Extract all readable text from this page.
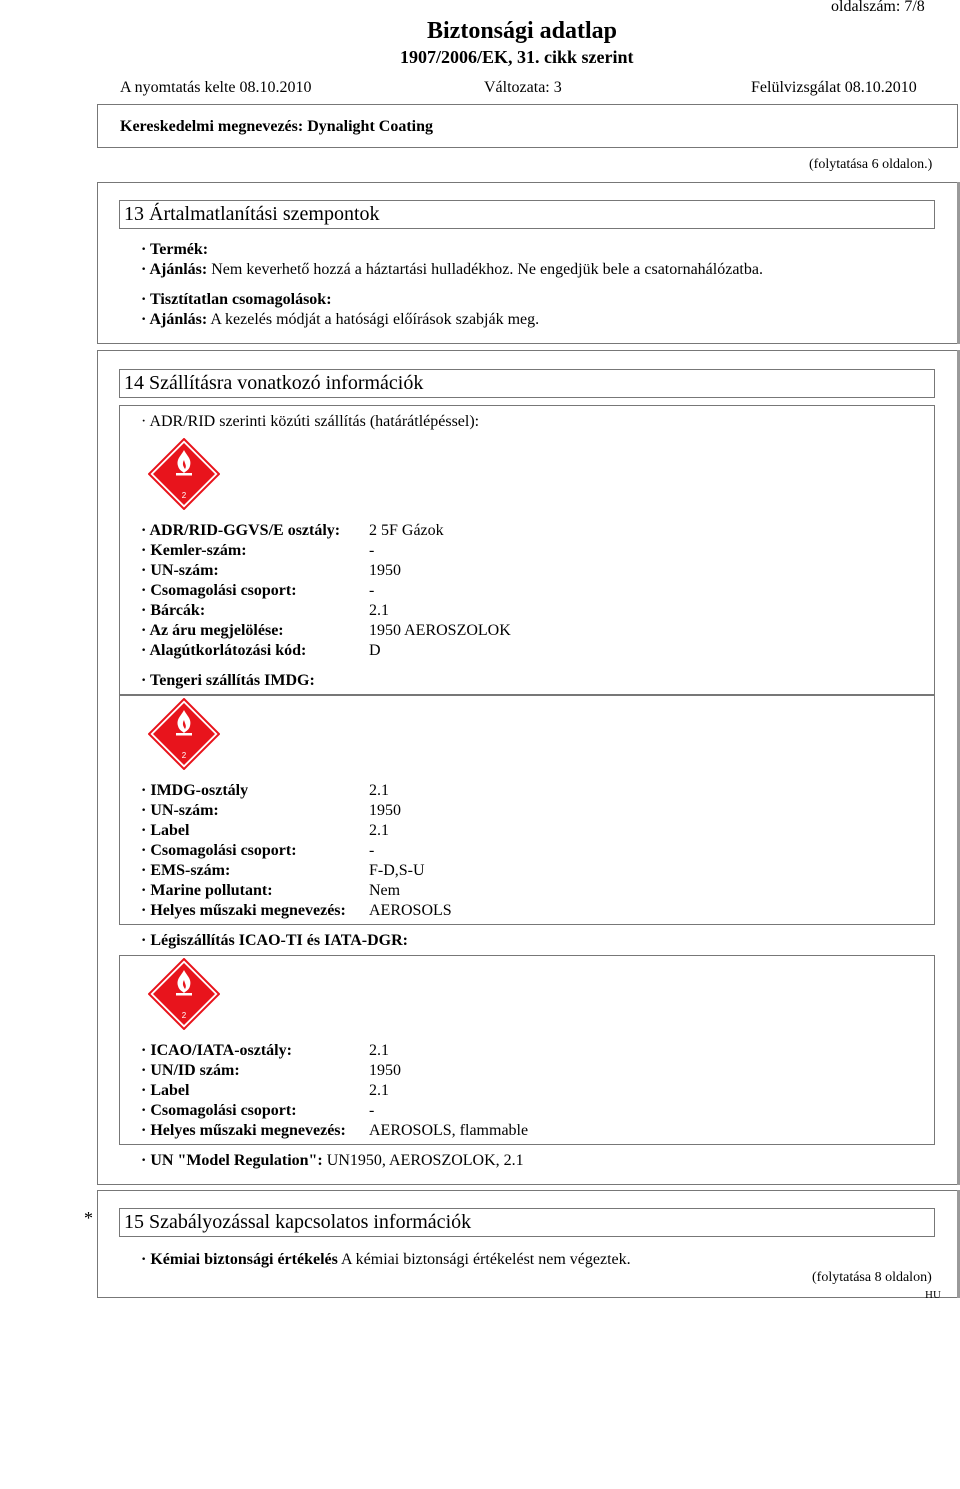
Biztonsági adatlap
oldalszám: 7/8
1907/2006/EK, 31. cikk szerint
A nyomtatás kelte 08.10.2010	Változata: 3	Felülvizsgálat 08.10.2010
Kereskedelmi megnevezés: Dynalight Coating
(folytatása 6 oldalon.)
13 Ártalmatlanítási szempontok
· Termék:
· Ajánlás: Nem keverhető hozzá a háztartási hulladékhoz. Ne engedjük bele a csatornahálózatba.
· Tisztítatlan csomagolások:
· Ajánlás: A kezelés módját a hatósági előírások szabják meg.
14 Szállításra vonatkozó információk
· ADR/RID szerinti közúti szállítás (határátlépéssel):
2
· ADR/RID-GGVS/E osztály: 2 5F Gázok
· Kemler-szám:	-
· UN-szám:	1950
· Csomagolási csoport:	-
· Bárcák:	2.1
· Az áru megjelölése:	1950 AEROSZOLOK
· Alagútkorlátozási kód:	D
· Tengeri szállítás IMDG:
2
· IMDG-osztály	2.1
· UN-szám:	1950
· Label	2.1
· Csomagolási csoport:	-
· EMS-szám:	F-D,S-U
· Marine pollutant:	Nem
· Helyes műszaki megnevezés: AEROSOLS
· Légiszállítás ICAO-TI és IATA-DGR:
2
· ICAO/IATA-osztály:	2.1
· UN/ID szám:	1950
· Label	2.1
· Csomagolási csoport:	-
· Helyes műszaki megnevezés: AEROSOLS, flammable
· UN "Model Regulation": UN1950, AEROSZOLOK, 2.1
* 15 Szabályozással kapcsolatos információk
· Kémiai biztonsági értékelés A kémiai biztonsági értékelést nem végeztek.
(folytatása 8 oldalon)
HU
